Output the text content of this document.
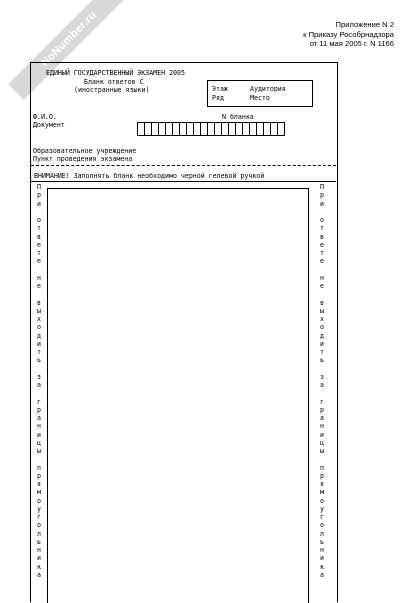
NoNumber.ru	Приложение N 2
к Приказу Рособрнадзора
от 11 мая 2005 г. N 1166
ЕДИНЫЙ ГОСУДАРСТВЕННЫЙ ЭКЗАМЕН 2005
Бланк ответов C
(иностранные языки)	Этаж	Аудитория
Ряд	Место
Ф.И.О.
Документ
N бланка
Образовательное учреждение
Пункт проведения экзамена
ВНИМАНИЕ! Заполнять бланк необходимо черной гелевой ручкой
П
р
и

о
т
в
е
т
е

н
е

в
ы
х
о
д
и
т
ь

з
а

г
р
а
н
и
ц
ы

п
р
я
м
о
у
г
о
л
ь
н
и
к
а
П
р
и

о
т
в
е
т
е

н
е

в
ы
х
о
д
и
т
ь

з
а

г
р
а
н
и
ц
ы

п
р
я
м
о
у
г
о
л
ь
н
и
к
а
